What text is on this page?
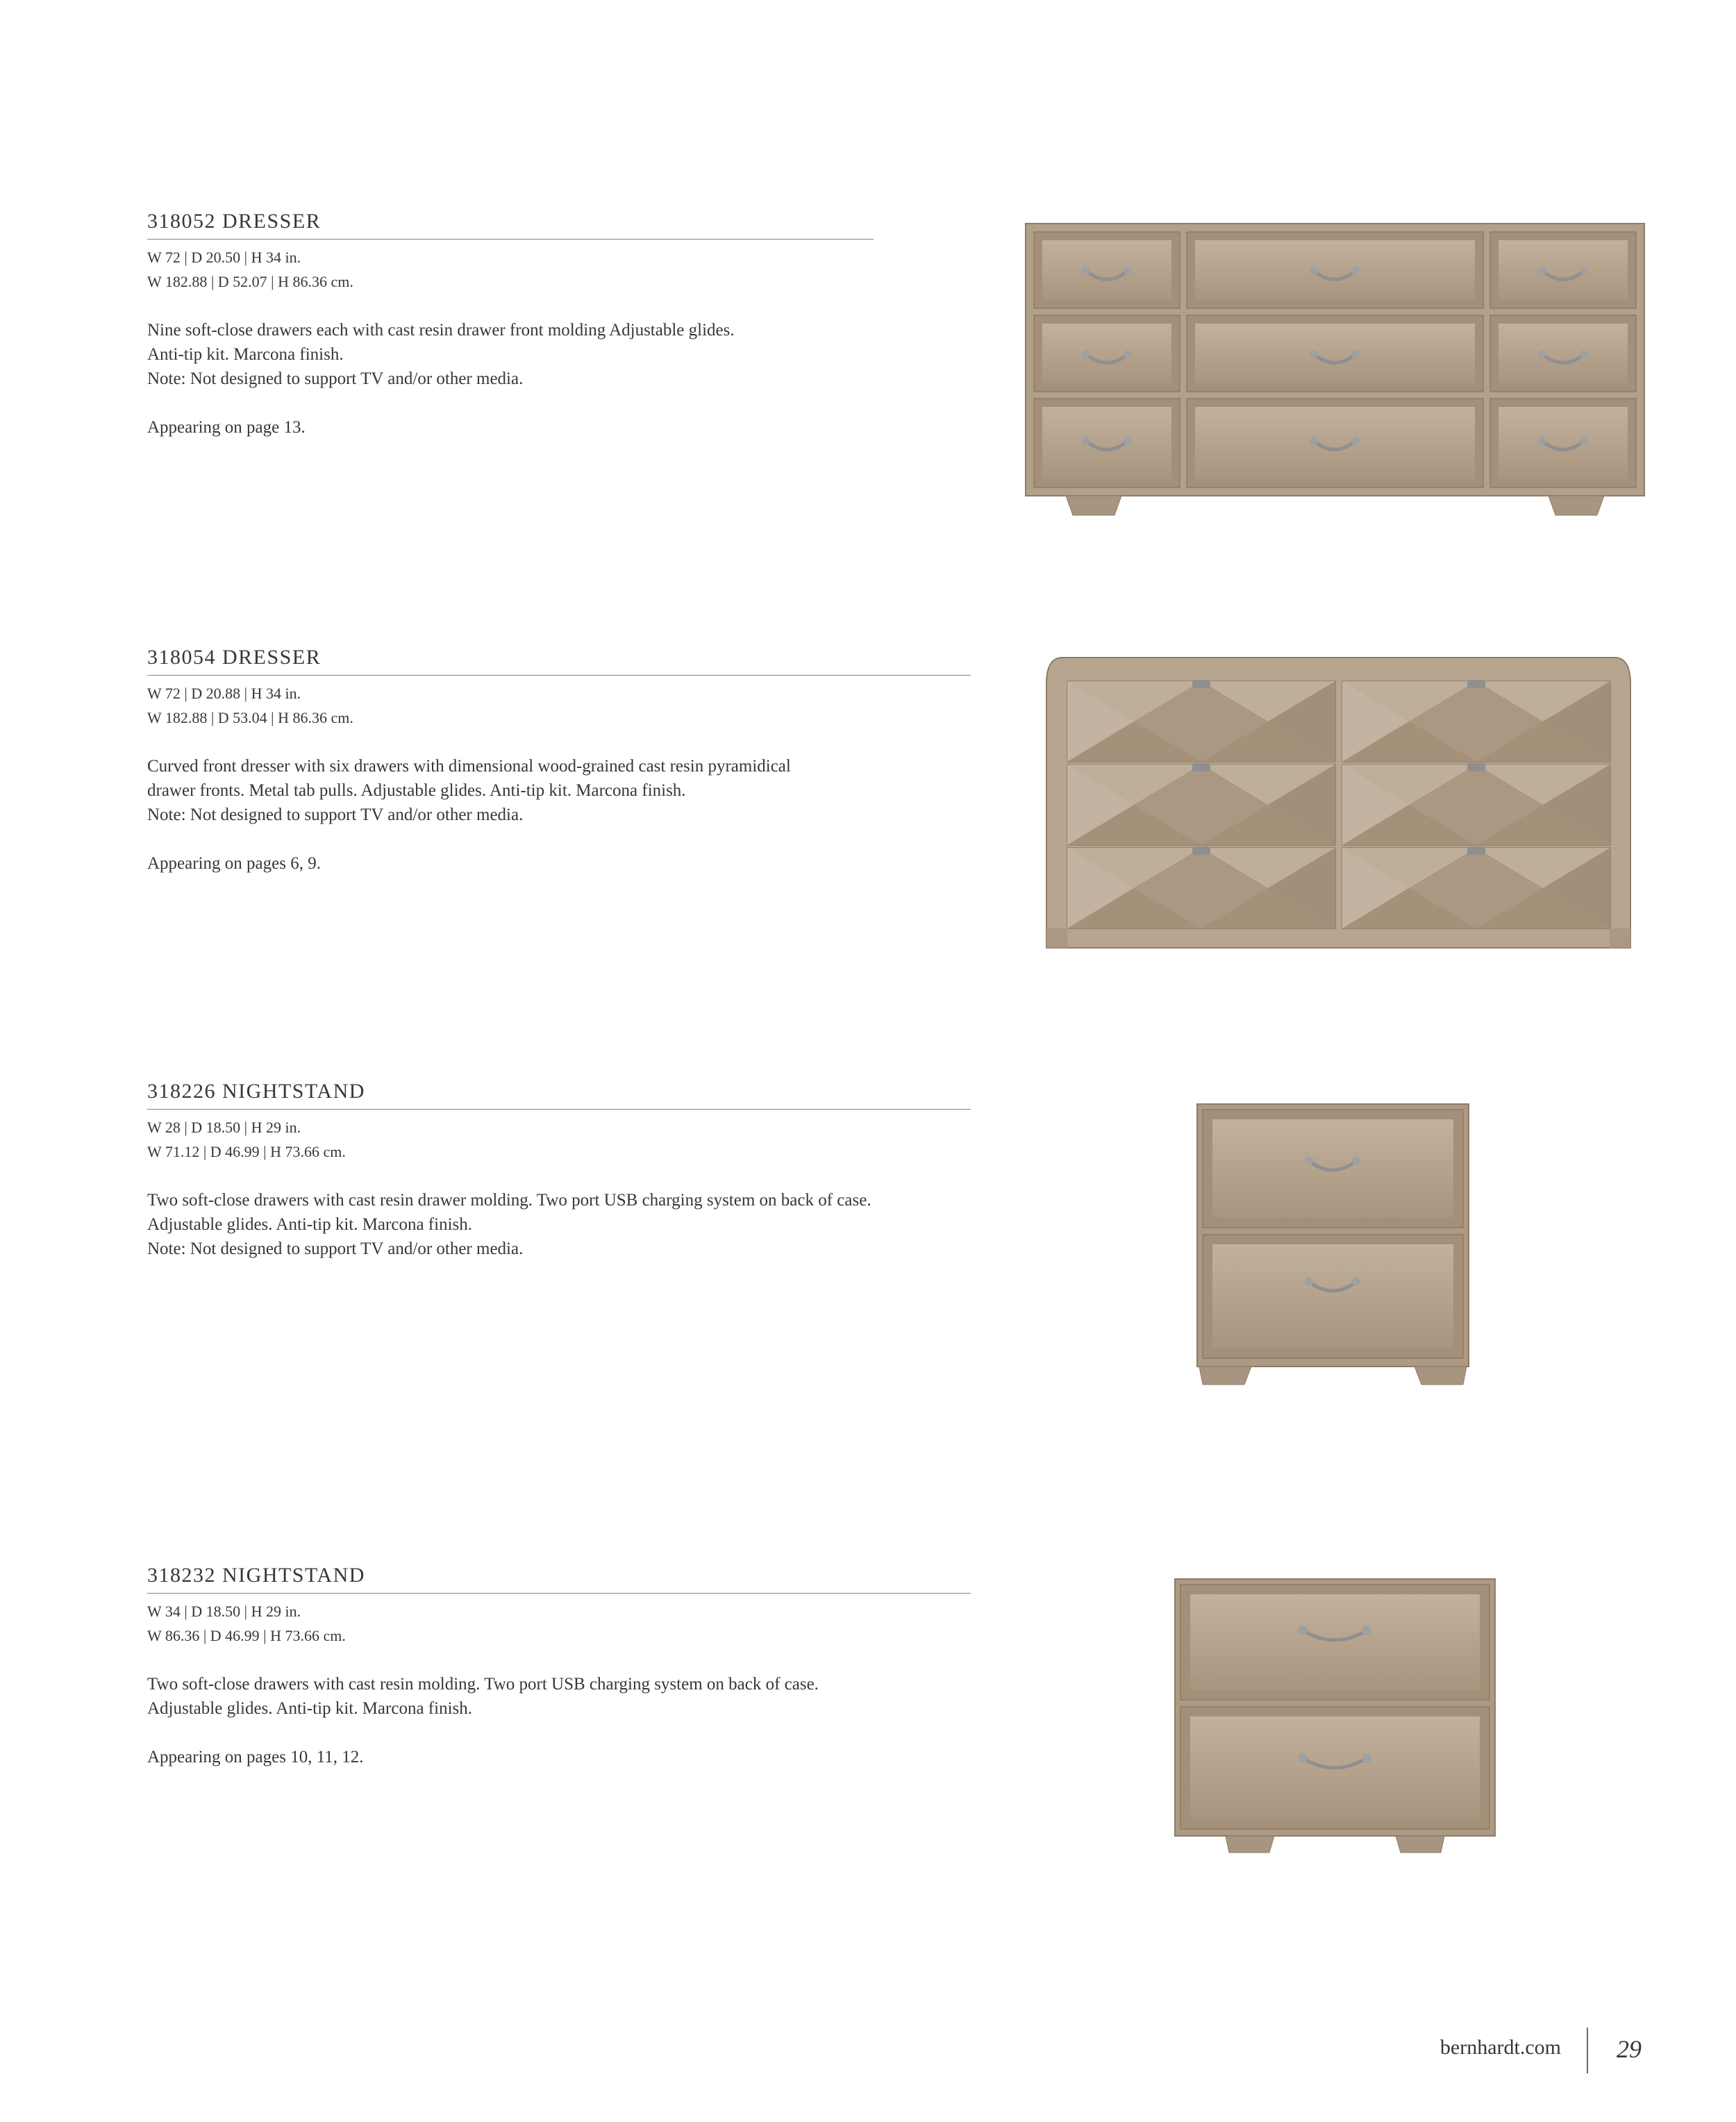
318052 DRESSER
W 72 | D 20.50 | H 34 in.
W 182.88 | D 52.07 | H 86.36 cm.
Nine soft-close drawers each with cast resin drawer front molding Adjustable glides.
Anti-tip kit. Marcona finish.
Note: Not designed to support TV and/or other media.
Appearing on page 13.
318054 DRESSER
W 72 | D 20.88 | H 34 in.
W 182.88 | D 53.04 | H 86.36 cm.
Curved front dresser with six drawers with dimensional wood-grained cast resin pyramidical
drawer fronts. Metal tab pulls. Adjustable glides. Anti-tip kit. Marcona finish.
Note: Not designed to support TV and/or other media.
Appearing on pages 6, 9.
318226 NIGHTSTAND
W 28 | D 18.50 | H 29 in.
W 71.12 | D 46.99 | H 73.66 cm.
Two soft-close drawers with cast resin drawer molding. Two port USB charging system on back of case.
Adjustable glides. Anti-tip kit. Marcona finish.
Note: Not designed to support TV and/or other media.
318232 NIGHTSTAND
W 34 | D 18.50 | H 29 in.
W 86.36 | D 46.99 | H 73.66 cm.
Two soft-close drawers with cast resin molding. Two port USB charging system on back of case.
Adjustable glides. Anti-tip kit. Marcona finish.
Appearing on pages 10, 11, 12.
bernhardt.com 29
